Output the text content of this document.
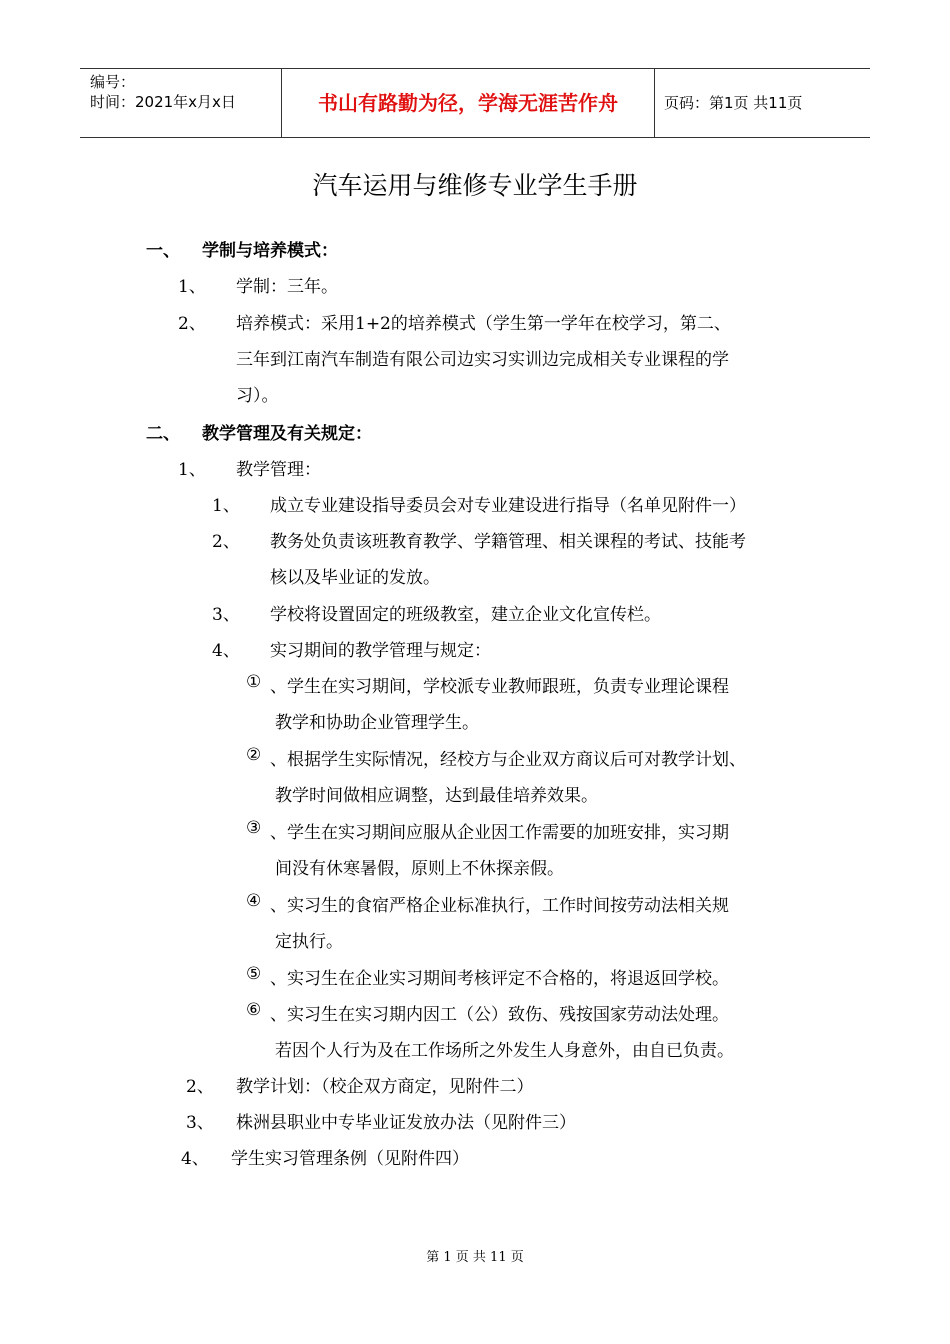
编号：
时间：2021年x月x日	书山有路勤为径，学海无涯苦作舟	页码：第1页 共11页
汽车运用与维修专业学生手册
一、 学制与培养模式：
1、 学制：三年。
2、 培养模式：采用1+2的培养模式（学生第一学年在校学习，第二、
三年到江南汽车制造有限公司边实习实训边完成相关专业课程的学
习）。
二、 教学管理及有关规定：
1、 教学管理：
1、 成立专业建设指导委员会对专业建设进行指导（名单见附件一）
2、 教务处负责该班教育教学、学籍管理、相关课程的考试、技能考
核以及毕业证的发放。
3、 学校将设置固定的班级教室，建立企业文化宣传栏。
4、 实习期间的教学管理与规定：
① 、学生在实习期间，学校派专业教师跟班，负责专业理论课程
教学和协助企业管理学生。
② 、根据学生实际情况，经校方与企业双方商议后可对教学计划、
教学时间做相应调整，达到最佳培养效果。
③ 、学生在实习期间应服从企业因工作需要的加班安排，实习期
间没有休寒暑假，原则上不休探亲假。
④ 、实习生的食宿严格企业标准执行，工作时间按劳动法相关规
定执行。
⑤ 、实习生在企业实习期间考核评定不合格的，将退返回学校。
⑥ 、实习生在实习期内因工（公）致伤、残按国家劳动法处理。
若因个人行为及在工作场所之外发生人身意外，由自已负责。
2、 教学计划：（校企双方商定，见附件二）
3、 株洲县职业中专毕业证发放办法（见附件三）
4、 学生实习管理条例（见附件四）
第 1 页 共 11 页
